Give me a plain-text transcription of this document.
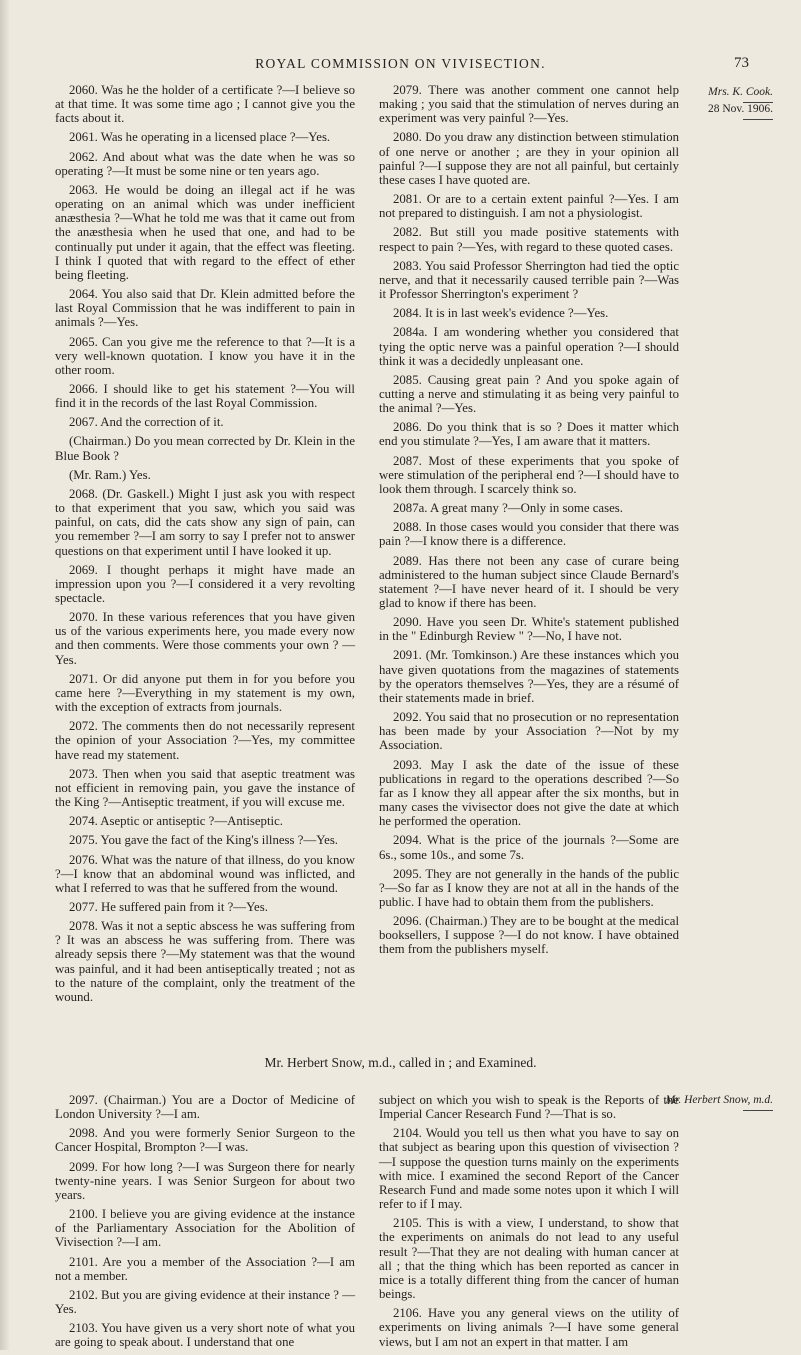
ROYAL COMMISSION ON VIVISECTION.	73
Mrs. K. Cook.
28 Nov. 1906.

2060. Was he the holder of a certificate ?—I believe so at that time. It was some time ago ; I cannot give you the facts about it.

2061. Was he operating in a licensed place ?—Yes.

2062. And about what was the date when he was so operating ?—It must be some nine or ten years ago.

2063. He would be doing an illegal act if he was operating on an animal which was under inefficient anæsthesia ?—What he told me was that it came out from the anæsthesia when he used that one, and had to be continually put under it again, that the effect was fleeting. I think I quoted that with regard to the effect of ether being fleeting.

2064. You also said that Dr. Klein admitted before the last Royal Commission that he was indifferent to pain in animals ?—Yes.

2065. Can you give me the reference to that ?—It is a very well-known quotation. I know you have it in the other room.

2066. I should like to get his statement ?—You will find it in the records of the last Royal Commission.

2067. And the correction of it.

(Chairman.) Do you mean corrected by Dr. Klein in the Blue Book ?

(Mr. Ram.) Yes.

2068. (Dr. Gaskell.) Might I just ask you with respect to that experiment that you saw, which you said was painful, on cats, did the cats show any sign of pain, can you remember ?—I am sorry to say I prefer not to answer questions on that experiment until I have looked it up.

2069. I thought perhaps it might have made an impression upon you ?—I considered it a very revolting spectacle.

2070. In these various references that you have given us of the various experiments here, you made every now and then comments. Were those comments your own ? —Yes.

2071. Or did anyone put them in for you before you came here ?—Everything in my statement is my own, with the exception of extracts from journals.

2072. The comments then do not necessarily represent the opinion of your Association ?—Yes, my committee have read my statement.

2073. Then when you said that aseptic treatment was not efficient in removing pain, you gave the instance of the King ?—Antiseptic treatment, if you will excuse me.

2074. Aseptic or antiseptic ?—Antiseptic.

2075. You gave the fact of the King's illness ?—Yes.

2076. What was the nature of that illness, do you know ?—I know that an abdominal wound was inflicted, and what I referred to was that he suffered from the wound.

2077. He suffered pain from it ?—Yes.

2078. Was it not a septic abscess he was suffering from ? It was an abscess he was suffering from. There was already sepsis there ?—My statement was that the wound was painful, and it had been antiseptically treated ; not as to the nature of the complaint, only the treatment of the wound.

2079. There was another comment one cannot help making ; you said that the stimulation of nerves during an experiment was very painful ?—Yes.

2080. Do you draw any distinction between stimulation of one nerve or another ; are they in your opinion all painful ?—I suppose they are not all painful, but certainly these cases I have quoted are.

2081. Or are to a certain extent painful ?—Yes. I am not prepared to distinguish. I am not a physiologist.

2082. But still you made positive statements with respect to pain ?—Yes, with regard to these quoted cases.

2083. You said Professor Sherrington had tied the optic nerve, and that it necessarily caused terrible pain ?—Was it Professor Sherrington's experiment ?

2084. It is in last week's evidence ?—Yes.

2084a. I am wondering whether you considered that tying the optic nerve was a painful operation ?—I should think it was a decidedly unpleasant one.

2085. Causing great pain ? And you spoke again of cutting a nerve and stimulating it as being very painful to the animal ?—Yes.

2086. Do you think that is so ? Does it matter which end you stimulate ?—Yes, I am aware that it matters.

2087. Most of these experiments that you spoke of were stimulation of the peripheral end ?—I should have to look them through. I scarcely think so.

2087a. A great many ?—Only in some cases.

2088. In those cases would you consider that there was pain ?—I know there is a difference.

2089. Has there not been any case of curare being administered to the human subject since Claude Bernard's statement ?—I have never heard of it. I should be very glad to know if there has been.

2090. Have you seen Dr. White's statement published in the " Edinburgh Review " ?—No, I have not.

2091. (Mr. Tomkinson.) Are these instances which you have given quotations from the magazines of statements by the operators themselves ?—Yes, they are a résumé of their statements made in brief.

2092. You said that no prosecution or no representation has been made by your Association ?—Not by my Association.

2093. May I ask the date of the issue of these publications in regard to the operations described ?—So far as I know they all appear after the six months, but in many cases the vivisector does not give the date at which he performed the operation.

2094. What is the price of the journals ?—Some are 6s., some 10s., and some 7s.

2095. They are not generally in the hands of the public ?—So far as I know they are not at all in the hands of the public. I have had to obtain them from the publishers.

2096. (Chairman.) They are to be bought at the medical booksellers, I suppose ?—I do not know. I have obtained them from the publishers myself.

Mr. Herbert Snow, m.d., called in ; and Examined.
Mr. Herbert Snow, m.d.

2097. (Chairman.) You are a Doctor of Medicine of London University ?—I am.

2098. And you were formerly Senior Surgeon to the Cancer Hospital, Brompton ?—I was.

2099. For how long ?—I was Surgeon there for nearly twenty-nine years. I was Senior Surgeon for about two years.

2100. I believe you are giving evidence at the instance of the Parliamentary Association for the Abolition of Vivisection ?—I am.

2101. Are you a member of the Association ?—I am not a member.

2102. But you are giving evidence at their instance ? —Yes.

2103. You have given us a very short note of what you are going to speak about. I understand that one

subject on which you wish to speak is the Reports of the Imperial Cancer Research Fund ?—That is so.

2104. Would you tell us then what you have to say on that subject as bearing upon this question of vivisection ?—I suppose the question turns mainly on the experiments with mice. I examined the second Report of the Cancer Research Fund and made some notes upon it which I will refer to if I may.

2105. This is with a view, I understand, to show that the experiments on animals do not lead to any useful result ?—That they are not dealing with human cancer at all ; that the thing which has been reported as cancer in mice is a totally different thing from the cancer of human beings.

2106. Have you any general views on the utility of experiments on living animals ?—I have some general views, but I am not an expert in that matter. I am
